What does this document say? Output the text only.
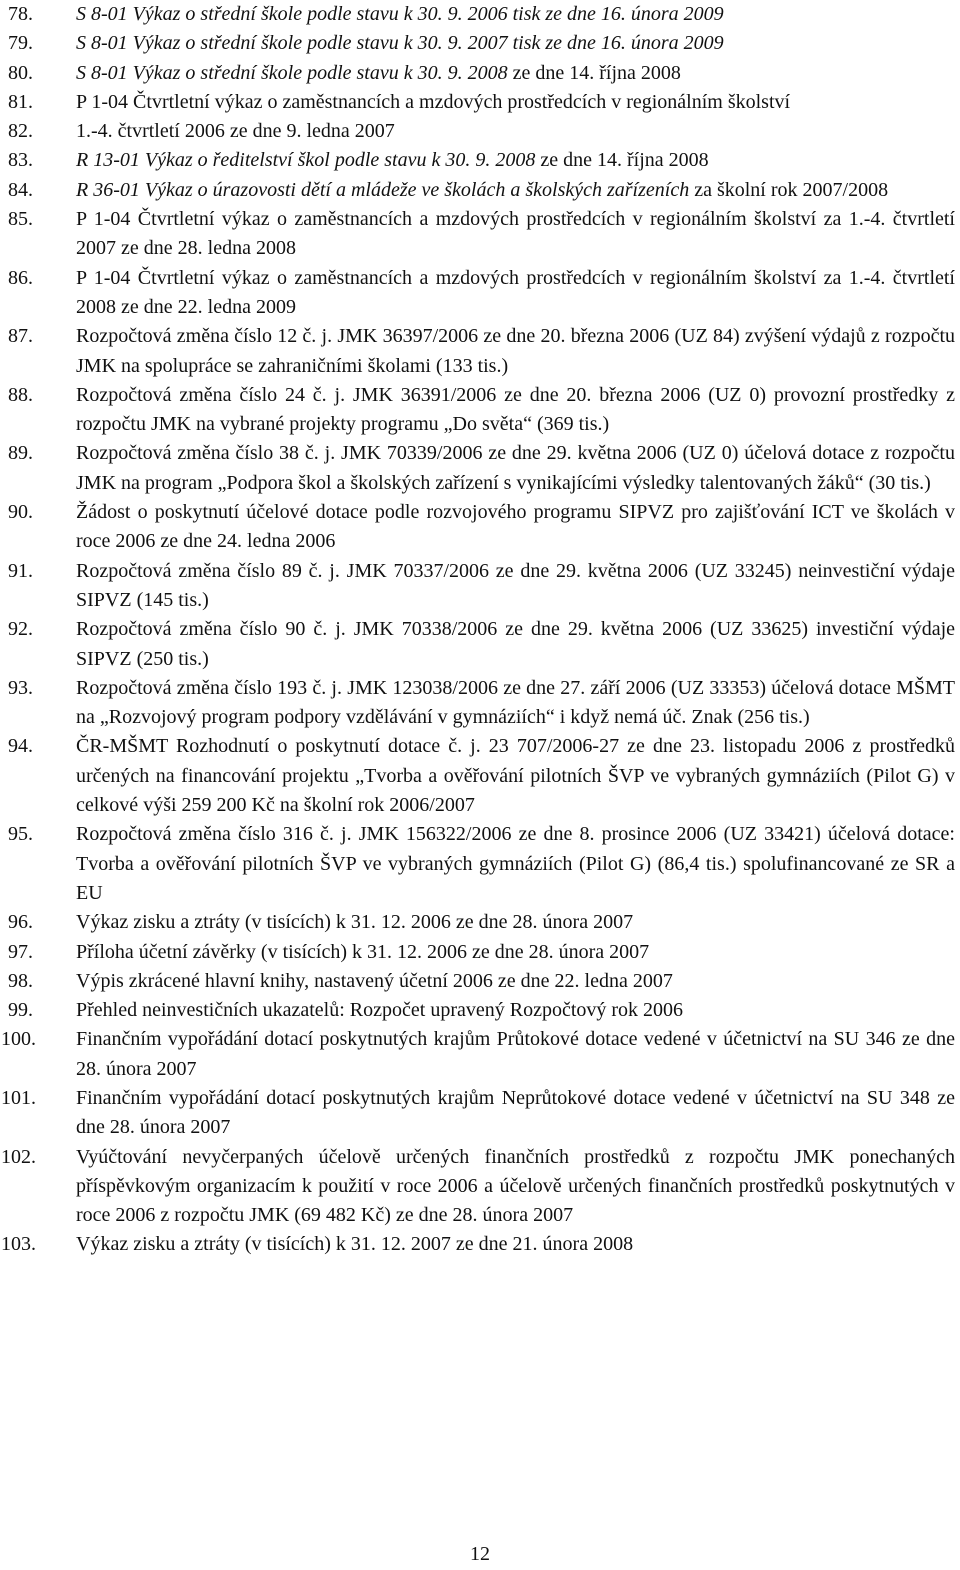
78. S 8-01 Výkaz o střední škole podle stavu k 30. 9. 2006 tisk ze dne 16. února 2009
79. S 8-01 Výkaz o střední škole podle stavu k 30. 9. 2007 tisk ze dne 16. února 2009
80. S 8-01 Výkaz o střední škole podle stavu k 30. 9. 2008 ze dne 14. října 2008
81. P 1-04 Čtvrtletní výkaz o zaměstnancích a mzdových prostředcích v regionálním školství
82. 1.-4. čtvrtletí 2006 ze dne 9. ledna 2007
83. R 13-01 Výkaz o ředitelství škol podle stavu k 30. 9. 2008 ze dne 14. října 2008
84. R 36-01 Výkaz o úrazovosti dětí a mládeže ve školách a školských zařízeních za školní rok 2007/2008
85. P 1-04 Čtvrtletní výkaz o zaměstnancích a mzdových prostředcích v regionálním školství za 1.-4. čtvrtletí 2007 ze dne 28. ledna 2008
86. P 1-04 Čtvrtletní výkaz o zaměstnancích a mzdových prostředcích v regionálním školství za 1.-4. čtvrtletí 2008 ze dne 22. ledna 2009
87. Rozpočtová změna číslo 12 č. j. JMK 36397/2006 ze dne 20. března 2006 (UZ 84) zvýšení výdajů z rozpočtu JMK na spolupráce se zahraničními školami (133 tis.)
88. Rozpočtová změna číslo 24 č. j. JMK 36391/2006 ze dne 20. března 2006 (UZ 0) provozní prostředky z rozpočtu JMK na vybrané projekty programu „Do světa“ (369 tis.)
89. Rozpočtová změna číslo 38 č. j. JMK 70339/2006 ze dne 29. května 2006 (UZ 0) účelová dotace z rozpočtu JMK na program „Podpora škol a školských zařízení s vynikajícími výsledky talentovaných žáků“ (30 tis.)
90. Žádost o poskytnutí účelové dotace podle rozvojového programu SIPVZ pro zajišťování ICT ve školách v roce 2006 ze dne 24. ledna 2006
91. Rozpočtová změna číslo 89 č. j. JMK 70337/2006 ze dne 29. května 2006 (UZ 33245) neinvestiční výdaje SIPVZ (145 tis.)
92. Rozpočtová změna číslo 90 č. j. JMK 70338/2006 ze dne 29. května 2006 (UZ 33625) investiční výdaje SIPVZ (250 tis.)
93. Rozpočtová změna číslo 193 č. j. JMK 123038/2006 ze dne 27. září 2006 (UZ 33353) účelová dotace MŠMT na „Rozvojový program podpory vzdělávání v gymnáziích“ i když nemá úč. Znak (256 tis.)
94. ČR-MŠMT Rozhodnutí o poskytnutí dotace č. j. 23 707/2006-27 ze dne 23. listopadu 2006 z prostředků určených na financování projektu „Tvorba a ověřování pilotních ŠVP ve vybraných gymnáziích (Pilot G) v celkové výši 259 200 Kč na školní rok 2006/2007
95. Rozpočtová změna číslo 316 č. j. JMK 156322/2006 ze dne 8. prosince 2006 (UZ 33421) účelová dotace: Tvorba a ověřování pilotních ŠVP ve vybraných gymnáziích (Pilot G) (86,4 tis.) spolufinancované ze SR a EU
96. Výkaz zisku a ztráty (v tisících) k 31. 12. 2006 ze dne 28. února 2007
97. Příloha účetní závěrky (v tisících) k 31. 12. 2006 ze dne 28. února 2007
98. Výpis zkrácené hlavní knihy, nastavený účetní 2006 ze dne 22. ledna 2007
99. Přehled neinvestičních ukazatelů: Rozpočet upravený Rozpočtový rok 2006
100. Finančním vypořádání dotací poskytnutých krajům Průtokové dotace vedené v účetnictví na SU 346 ze dne 28. února 2007
101. Finančním vypořádání dotací poskytnutých krajům Neprůtokové dotace vedené v účetnictví na SU 348 ze dne 28. února 2007
102. Vyúčtování nevyčerpaných účelově určených finančních prostředků z rozpočtu JMK ponechaných příspěvkovým organizacím k použití v roce 2006 a účelově určených finančních prostředků poskytnutých v roce 2006 z rozpočtu JMK (69 482 Kč) ze dne 28. února 2007
103. Výkaz zisku a ztráty (v tisících) k 31. 12. 2007 ze dne 21. února 2008
12
